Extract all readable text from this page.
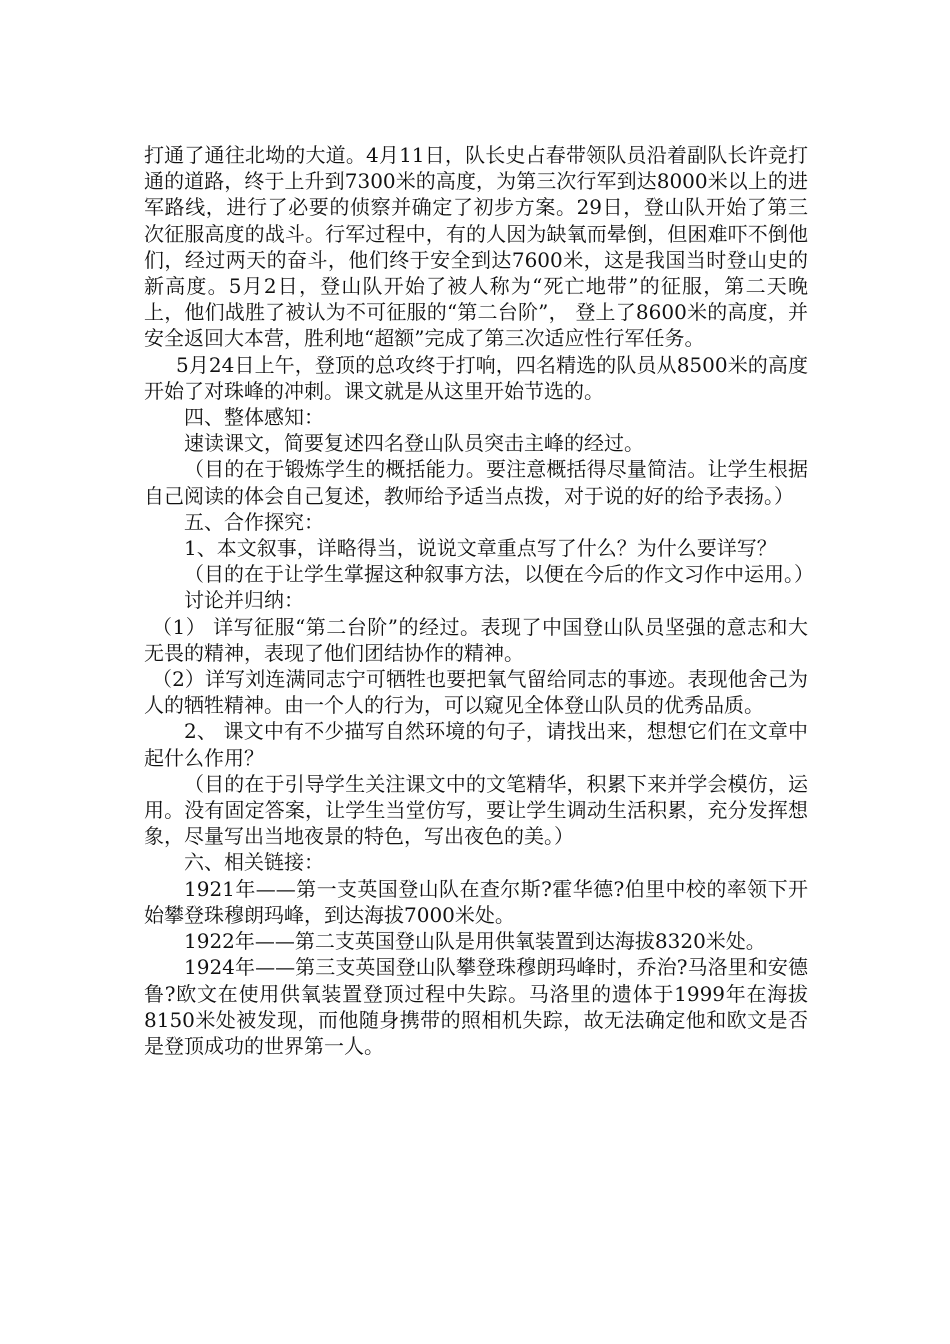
打通了通往北坳的大道。4月11日，队长史占春带领队员沿着副队长许竞打通的道路，终于上升到7300米的高度，为第三次行军到达8000米以上的进军路线，进行了必要的侦察并确定了初步方案。29日，登山队开始了第三次征服高度的战斗。行军过程中，有的人因为缺氧而晕倒，但困难吓不倒他们，经过两天的奋斗，他们终于安全到达7600米，这是我国当时登山史的新高度。5月2日，登山队开始了被人称为“死亡地带”的征服，第二天晚上，他们战胜了被认为不可征服的“第二台阶”， 登上了8600米的高度，并安全返回大本营，胜利地“超额”完成了第三次适应性行军任务。

5月24日上午，登顶的总攻终于打响，四名精选的队员从8500米的高度开始了对珠峰的冲刺。课文就是从这里开始节选的。

四、整体感知：

速读课文，简要复述四名登山队员突击主峰的经过。

（目的在于锻炼学生的概括能力。要注意概括得尽量简洁。让学生根据自己阅读的体会自己复述，教师给予适当点拨，对于说的好的给予表扬。）

五、合作探究：

1、本文叙事，详略得当，说说文章重点写了什么？为什么要详写？

（目的在于让学生掌握这种叙事方法，以便在今后的作文习作中运用。）

讨论并归纳：

（1） 详写征服“第二台阶”的经过。表现了中国登山队员坚强的意志和大无畏的精神，表现了他们团结协作的精神。

（2）详写刘连满同志宁可牺牲也要把氧气留给同志的事迹。表现他舍己为人的牺牲精神。由一个人的行为，可以窥见全体登山队员的优秀品质。

2、 课文中有不少描写自然环境的句子，请找出来，想想它们在文章中起什么作用？

（目的在于引导学生关注课文中的文笔精华，积累下来并学会模仿，运用。没有固定答案，让学生当堂仿写，要让学生调动生活积累，充分发挥想象，尽量写出当地夜景的特色，写出夜色的美。）

六、相关链接：

1921年——第一支英国登山队在查尔斯?霍华德?伯里中校的率领下开始攀登珠穆朗玛峰，到达海拔7000米处。

1922年——第二支英国登山队是用供氧装置到达海拔8320米处。

1924年——第三支英国登山队攀登珠穆朗玛峰时，乔治?马洛里和安德鲁?欧文在使用供氧装置登顶过程中失踪。马洛里的遗体于1999年在海拔8150米处被发现，而他随身携带的照相机失踪，故无法确定他和欧文是否是登顶成功的世界第一人。
